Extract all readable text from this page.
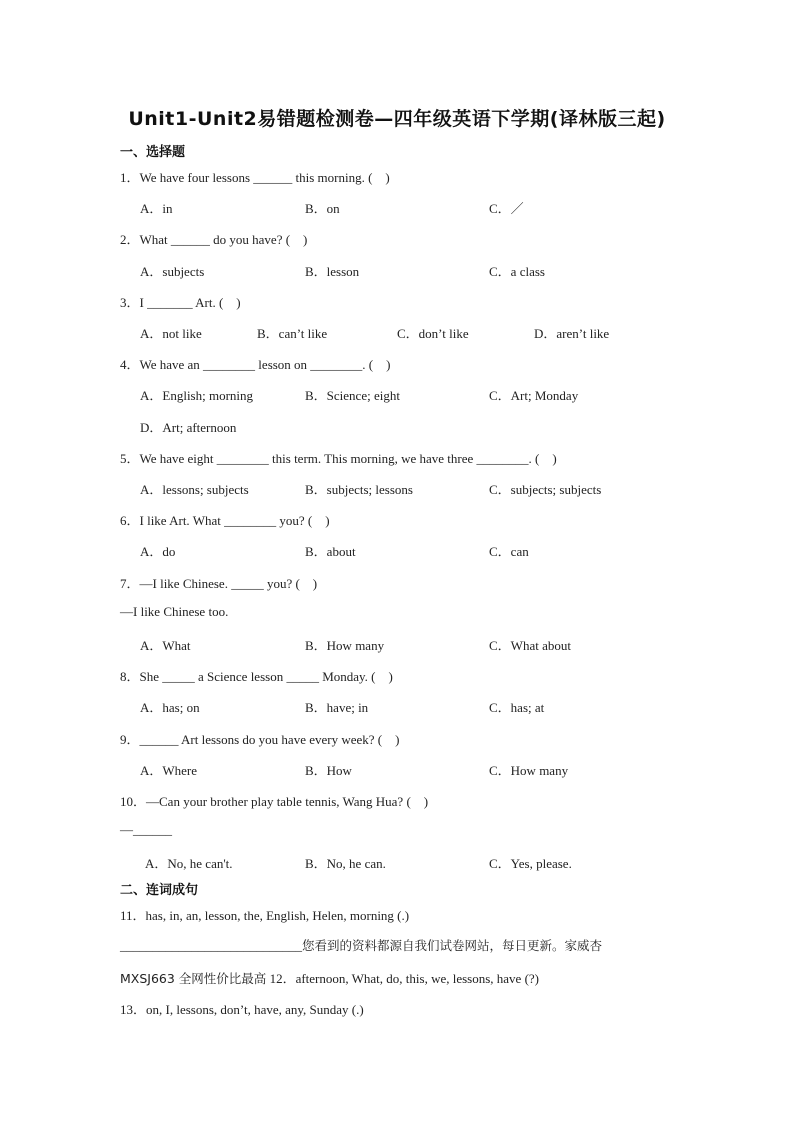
Unit1-Unit2易错题检测卷—四年级英语下学期(译林版三起)
一、选择题
1．We have four lessons ______ this morning. (　)
A．in	B．on	C．／
2．What ______ do you have? (　)
A．subjects	B．lesson	C．a class
3．I _______ Art. (　)
A．not like	B．can’t like	C．don’t like	D．aren’t like
4．We have an ________ lesson on ________. (　)
A．English; morning	B．Science; eight	C．Art; Monday
D．Art; afternoon
5．We have eight ________ this term. This morning, we have three ________. (　)
A．lessons; subjects	B．subjects; lessons	C．subjects; subjects
6．I like Art. What ________ you? (　)
A．do	B．about	C．can
7．—I like Chinese. _____ you? (　)
—I like Chinese too.
A．What	B．How many	C．What about
8．She _____ a Science lesson _____ Monday. (　)
A．has; on	B．have; in	C．has; at
9．______ Art lessons do you have every week? (　)
A．Where	B．How	C．How many
10．—Can your brother play table tennis, Wang Hua? (　)
—______
A．No, he can't.	B．No, he can.	C．Yes, please.
二、连词成句
11．has, in, an, lesson, the, English, Helen, morning (.)
____________________________您看到的资料都源自我们试卷网站，每日更新。家威杏
MXSJ663 全网性价比最高 12．afternoon, What, do, this, we, lessons, have (?)
13．on, I, lessons, don’t, have, any, Sunday (.)
